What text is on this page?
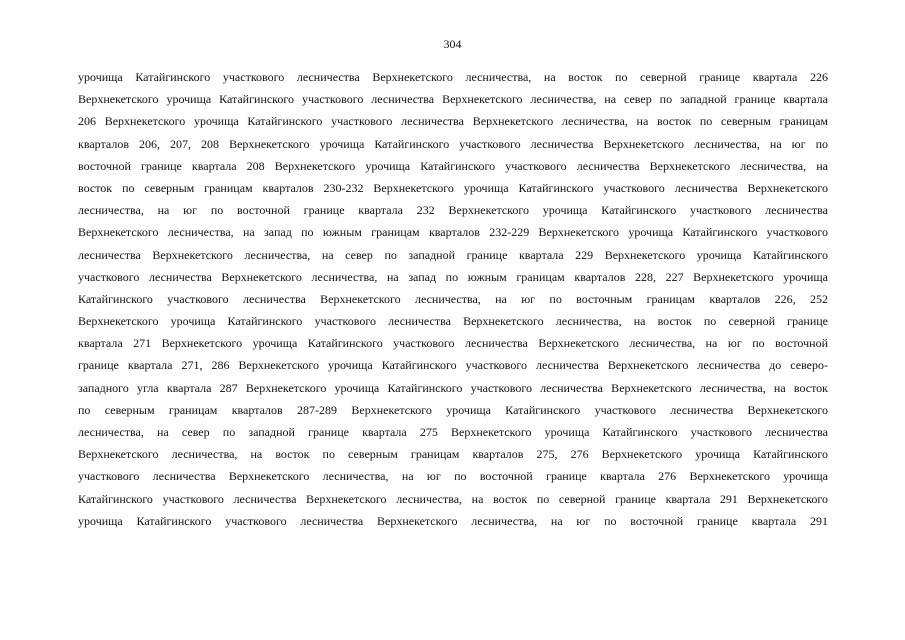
304
урочища Катайгинского участкового лесничества Верхнекетского лесничества, на восток по северной границе квартала 226
Верхнекетского урочища Катайгинского участкового лесничества Верхнекетского лесничества, на север по западной границе квартала
206 Верхнекетского урочища Катайгинского участкового лесничества Верхнекетского лесничества, на восток по северным границам
кварталов 206, 207, 208 Верхнекетского урочища Катайгинского участкового лесничества Верхнекетского лесничества, на юг по
восточной границе квартала 208 Верхнекетского урочища Катайгинского участкового лесничества Верхнекетского лесничества, на
восток по северным границам кварталов 230-232 Верхнекетского урочища Катайгинского участкового лесничества Верхнекетского
лесничества, на юг по восточной границе квартала 232 Верхнекетского урочища Катайгинского участкового лесничества
Верхнекетского лесничества, на запад по южным границам кварталов 232-229 Верхнекетского урочища Катайгинского участкового
лесничества Верхнекетского лесничества, на север по западной границе квартала 229 Верхнекетского урочища Катайгинского
участкового лесничества Верхнекетского лесничества, на запад по южным границам кварталов 228, 227 Верхнекетского урочища
Катайгинского участкового лесничества Верхнекетского лесничества, на юг по восточным границам кварталов 226, 252
Верхнекетского урочища Катайгинского участкового лесничества Верхнекетского лесничества, на восток по северной границе
квартала 271 Верхнекетского урочища Катайгинского участкового лесничества Верхнекетского лесничества, на юг по восточной
границе квартала 271, 286 Верхнекетского урочища Катайгинского участкового лесничества Верхнекетского лесничества до северо-
западного угла квартала 287 Верхнекетского урочища Катайгинского участкового лесничества Верхнекетского лесничества, на восток
по северным границам кварталов 287-289 Верхнекетского урочища Катайгинского участкового лесничества Верхнекетского
лесничества, на север по западной границе квартала 275 Верхнекетского урочища Катайгинского участкового лесничества
Верхнекетского лесничества, на восток по северным границам кварталов 275, 276 Верхнекетского урочища Катайгинского
участкового лесничества Верхнекетского лесничества, на юг по восточной границе квартала 276 Верхнекетского урочища
Катайгинского участкового лесничества Верхнекетского лесничества, на восток по северной границе квартала 291 Верхнекетского
урочища Катайгинского участкового лесничества Верхнекетского лесничества, на юг по восточной границе квартала 291
